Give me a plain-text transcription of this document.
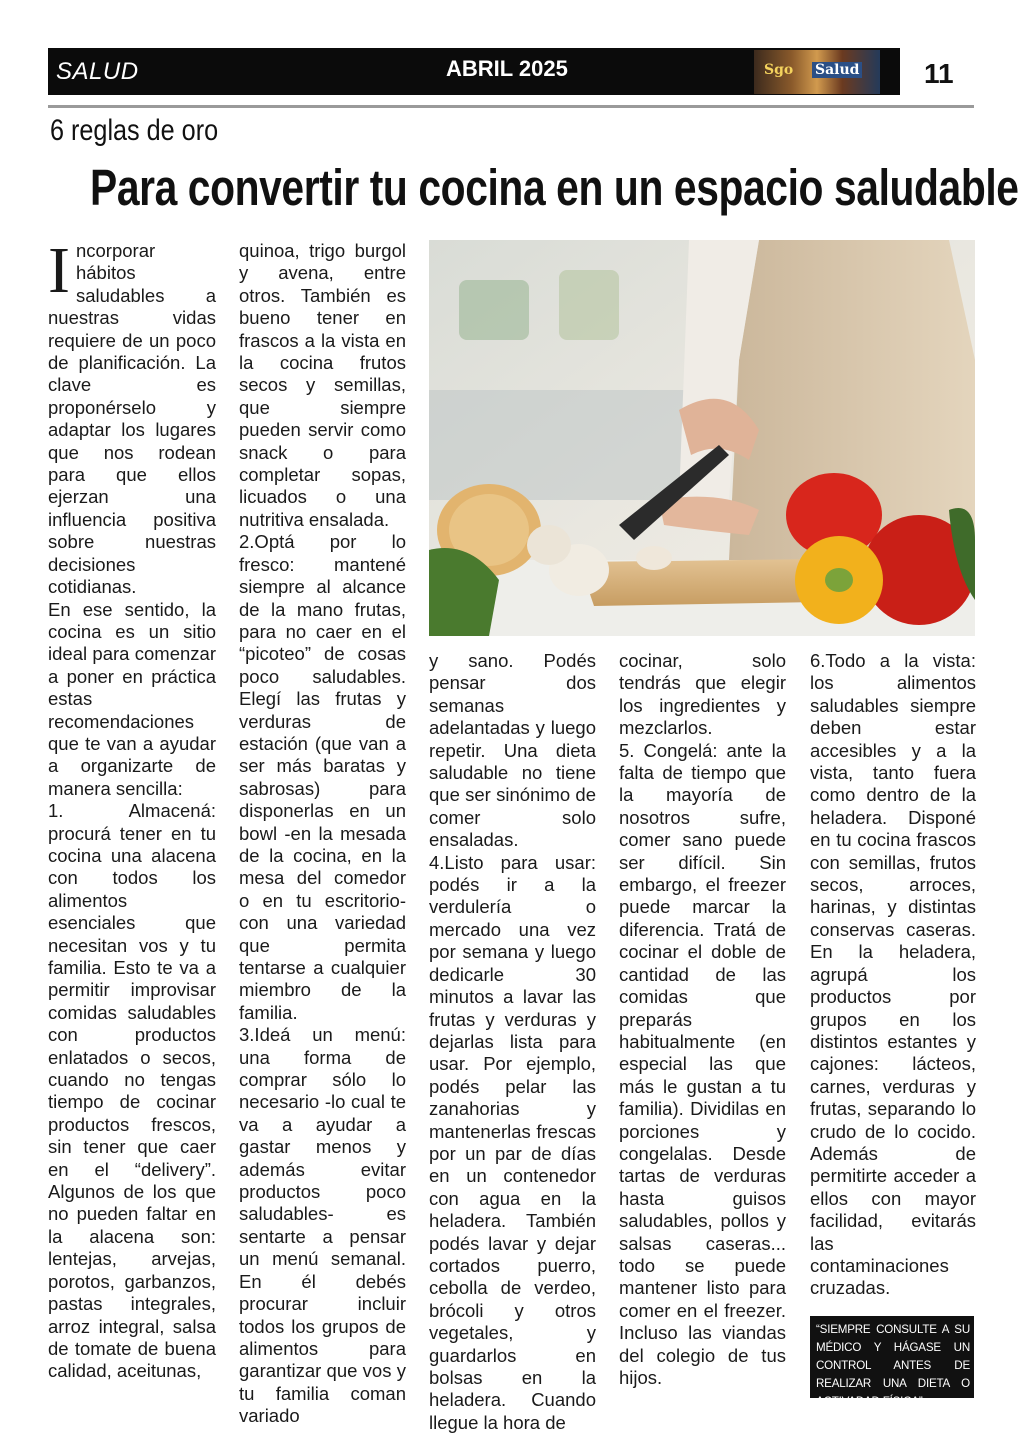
SALUD	ABRIL 2025	Sgo Salud 11
6 reglas de oro
Para convertir tu cocina en un espacio saludable
I ncorporar hábitos saludables a nuestras vidas requiere de un poco de planificación. La clave es proponérselo y adaptar los lugares que nos rodean para que ellos ejerzan una influencia positiva sobre nuestras decisiones cotidianas.

En ese sentido, la cocina es un sitio ideal para comenzar a poner en práctica estas recomendaciones que te van a ayudar a organizarte de manera sencilla:

1. Almacená: procurá tener en tu cocina una alacena con todos los alimentos esenciales que necesitan vos y tu familia. Esto te va a permitir improvisar comidas saludables con productos enlatados o secos, cuando no tengas tiempo de cocinar productos frescos, sin tener que caer en el “delivery”. Algunos de los que no pueden faltar en la alacena son: lentejas, arvejas, porotos, garbanzos, pastas integrales, arroz integral, salsa de tomate de buena calidad, aceitunas,

quinoa, trigo burgol y avena, entre otros. También es bueno tener en frascos a la vista en la cocina frutos secos y semillas, que siempre pueden servir como snack o para completar sopas, licuados o una nutritiva ensalada.

2.Optá por lo fresco: mantené siempre al alcance de la mano frutas, para no caer en el “picoteo” de cosas poco saludables. Elegí las frutas y verduras de estación (que van a ser más baratas y sabrosas) para disponerlas en un bowl -en la mesada de la cocina, en la mesa del comedor o en tu escritorio- con una variedad que permita tentarse a cualquier miembro de la familia.

3.Ideá un menú: una forma de comprar sólo lo necesario -lo cual te va a ayudar a gastar menos y además evitar productos poco saludables- es sentarte a pensar un menú semanal. En él debés procurar incluir todos los grupos de alimentos para garantizar que vos y tu familia coman variado

y sano. Podés pensar dos semanas adelantadas y luego repetir. Una dieta saludable no tiene que ser sinónimo de comer solo ensaladas.

4.Listo para usar: podés ir a la verdulería o mercado una vez por semana y luego dedicarle 30 minutos a lavar las frutas y verduras y dejarlas lista para usar. Por ejemplo, podés pelar las zanahorias y mantenerlas frescas por un par de días en un contenedor con agua en la heladera. También podés lavar y dejar cortados puerro, cebolla de verdeo, brócoli y otros vegetales, y guardarlos en bolsas en la heladera. Cuando llegue la hora de

cocinar, solo tendrás que elegir los ingredientes y mezclarlos.

5. Congelá: ante la falta de tiempo que la mayoría de nosotros sufre, comer sano puede ser difícil. Sin embargo, el freezer puede marcar la diferencia. Tratá de cocinar el doble de cantidad de las comidas que preparás habitualmente (en especial las que más le gustan a tu familia). Dividilas en porciones y congelalas. Desde tartas de verduras hasta guisos saludables, pollos y salsas caseras... todo se puede mantener listo para comer en el freezer. Incluso las viandas del colegio de tus hijos.

6.Todo a la vista: los alimentos saludables siempre deben estar accesibles y a la vista, tanto fuera como dentro de la heladera. Disponé en tu cocina frascos con semillas, frutos secos, arroces, harinas, y distintas conservas caseras. En la heladera, agrupá los productos por grupos en los distintos estantes y cajones: lácteos, carnes, verduras y frutas, separando lo crudo de lo cocido. Además de permitirte acceder a ellos con mayor facilidad, evitarás las contaminaciones cruzadas.

“SIEMPRE CONSULTE A SU MÉDICO Y HÁGASE UN CONTROL ANTES DE REALIZAR UNA DIETA O ACTIVADAD FÍSICA”
